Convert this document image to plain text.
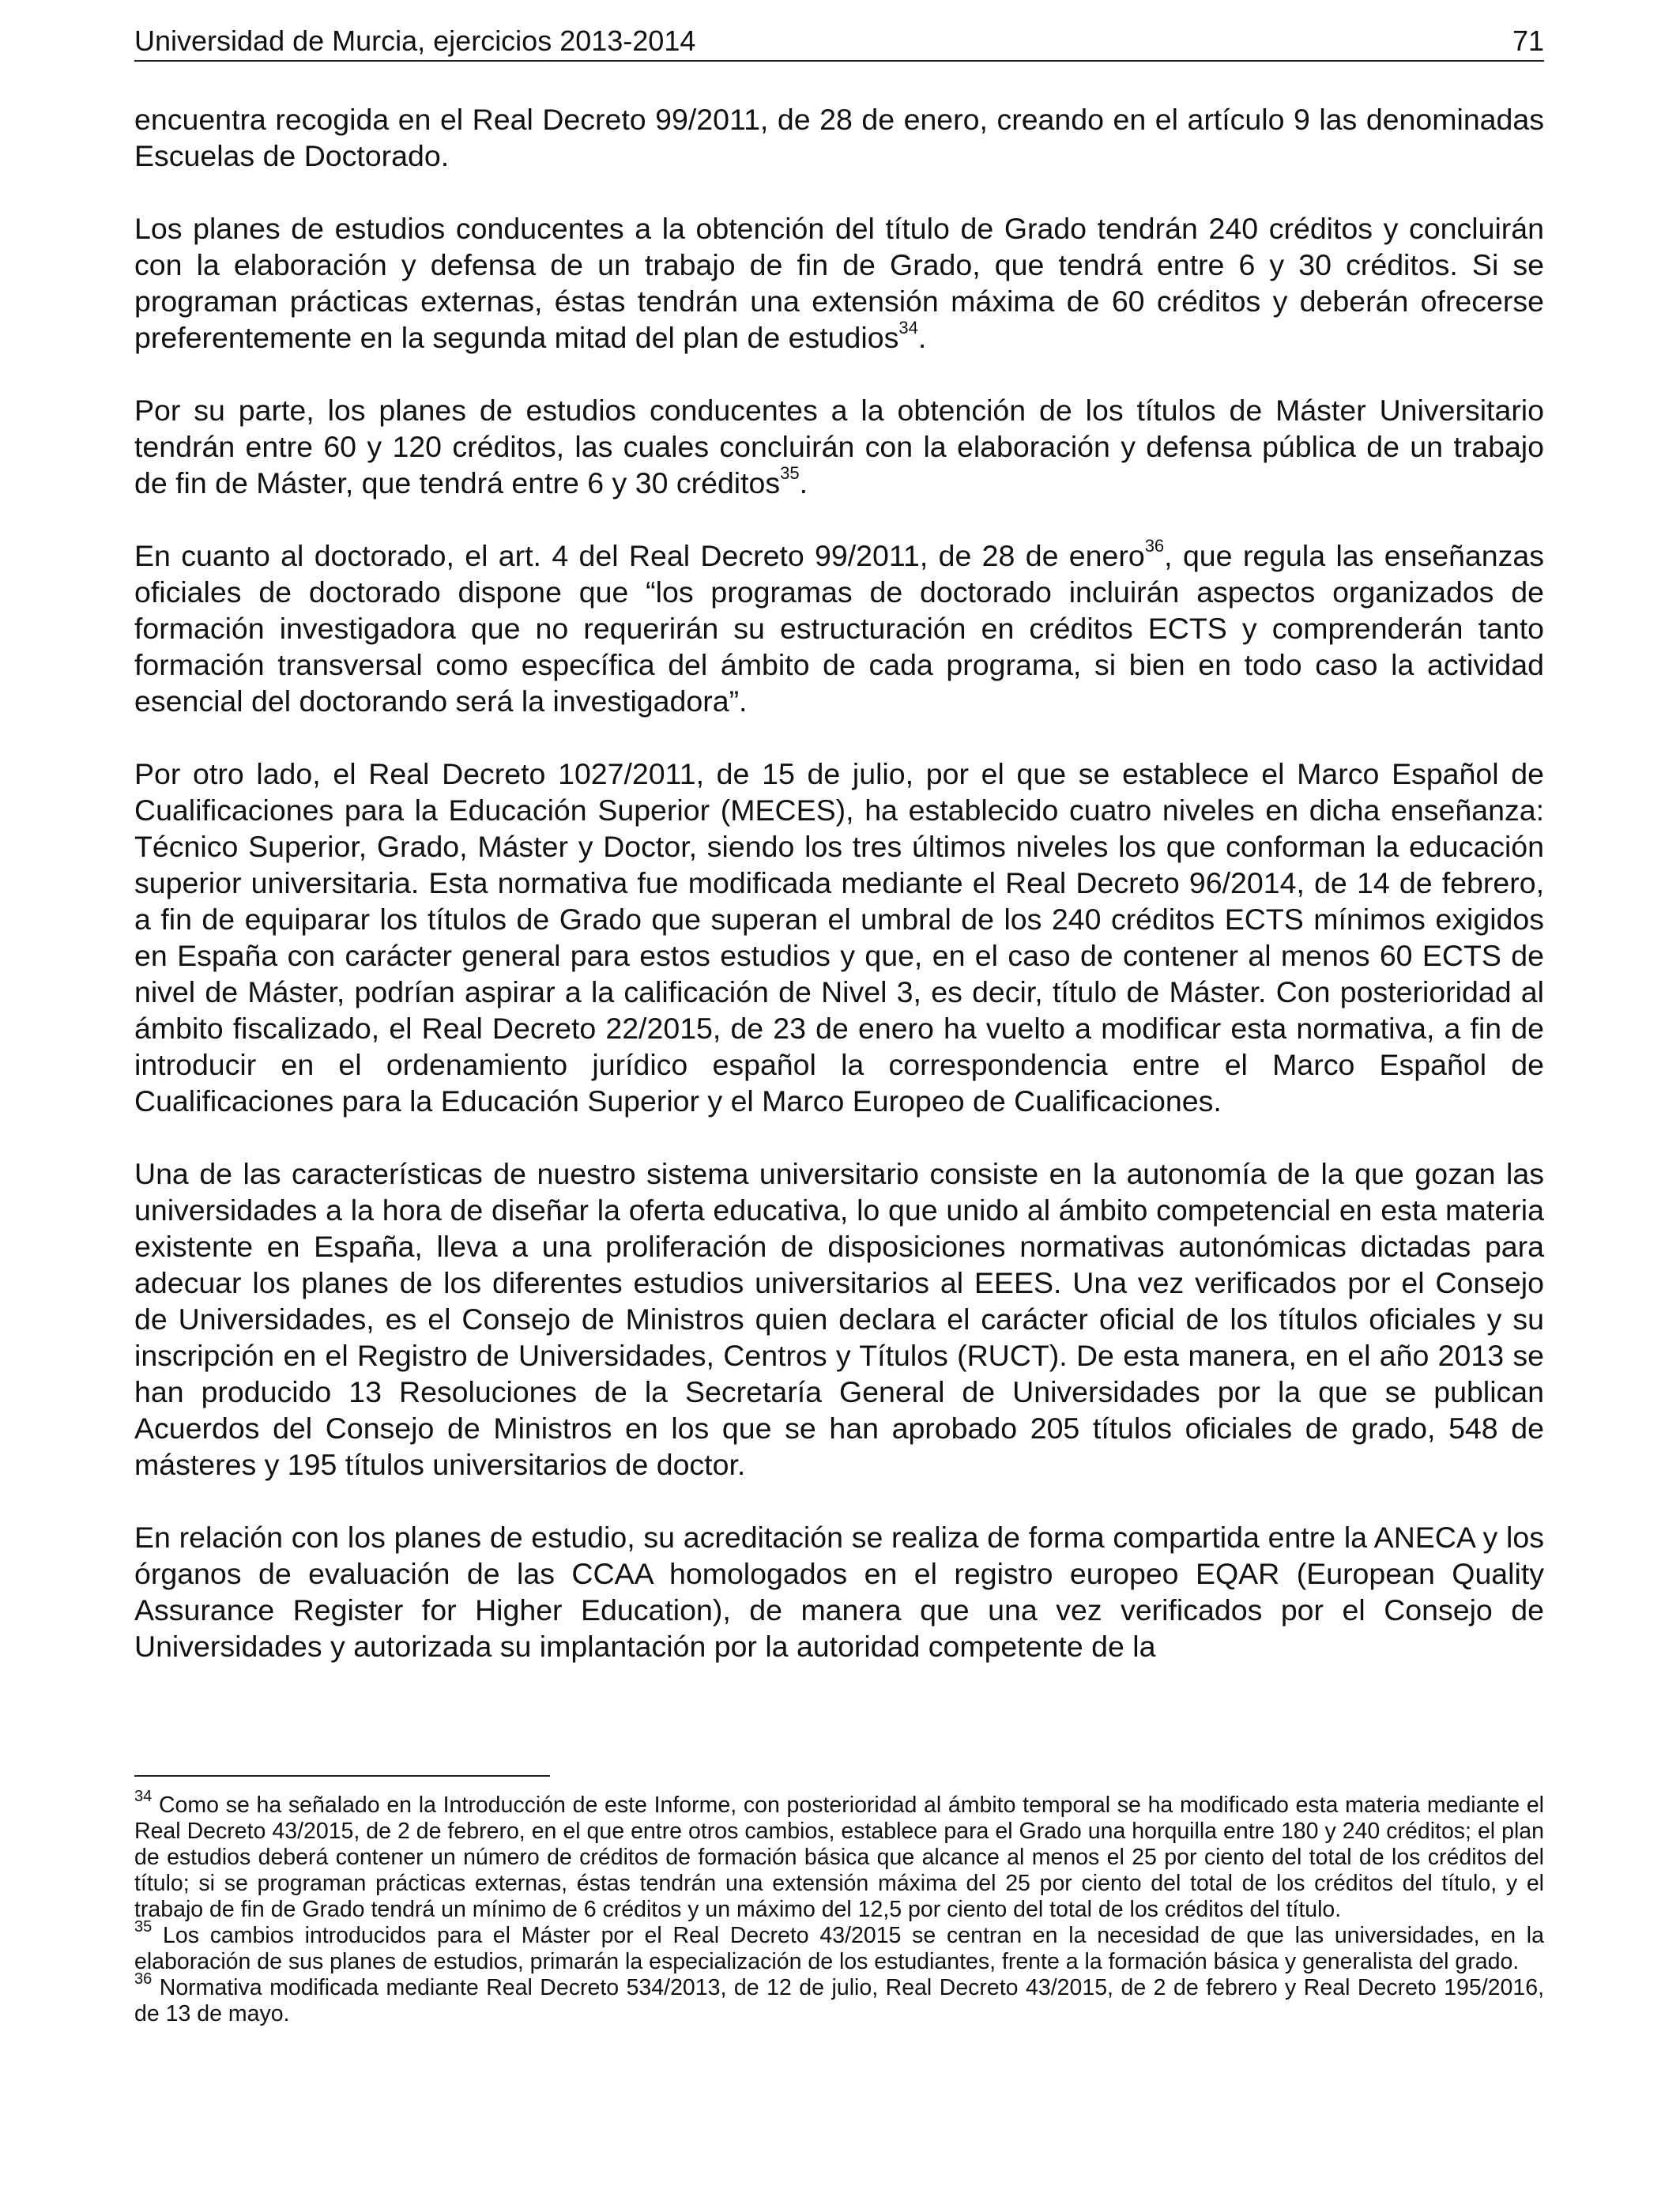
Universidad de Murcia, ejercicios 2013-2014	71

encuentra recogida en el Real Decreto 99/2011, de 28 de enero, creando en el artículo 9 las denominadas Escuelas de Doctorado.

Los planes de estudios conducentes a la obtención del título de Grado tendrán 240 créditos y concluirán con la elaboración y defensa de un trabajo de fin de Grado, que tendrá entre 6 y 30 créditos. Si se programan prácticas externas, éstas tendrán una extensión máxima de 60 créditos y deberán ofrecerse preferentemente en la segunda mitad del plan de estudios$^{34}$.

Por su parte, los planes de estudios conducentes a la obtención de los títulos de Máster Universitario tendrán entre 60 y 120 créditos, las cuales concluirán con la elaboración y defensa pública de un trabajo de fin de Máster, que tendrá entre 6 y 30 créditos$^{35}$.

En cuanto al doctorado, el art. 4 del Real Decreto 99/2011, de 28 de enero$^{36}$, que regula las enseñanzas oficiales de doctorado dispone que “los programas de doctorado incluirán aspectos organizados de formación investigadora que no requerirán su estructuración en créditos ECTS y comprenderán tanto formación transversal como específica del ámbito de cada programa, si bien en todo caso la actividad esencial del doctorando será la investigadora”.

Por otro lado, el Real Decreto 1027/2011, de 15 de julio, por el que se establece el Marco Español de Cualificaciones para la Educación Superior (MECES), ha establecido cuatro niveles en dicha enseñanza: Técnico Superior, Grado, Máster y Doctor, siendo los tres últimos niveles los que conforman la educación superior universitaria. Esta normativa fue modificada mediante el Real Decreto 96/2014, de 14 de febrero, a fin de equiparar los títulos de Grado que superan el umbral de los 240 créditos ECTS mínimos exigidos en España con carácter general para estos estudios y que, en el caso de contener al menos 60 ECTS de nivel de Máster, podrían aspirar a la calificación de Nivel 3, es decir, título de Máster. Con posterioridad al ámbito fiscalizado, el Real Decreto 22/2015, de 23 de enero ha vuelto a modificar esta normativa, a fin de introducir en el ordenamiento jurídico español la correspondencia entre el Marco Español de Cualificaciones para la Educación Superior y el Marco Europeo de Cualificaciones.

Una de las características de nuestro sistema universitario consiste en la autonomía de la que gozan las universidades a la hora de diseñar la oferta educativa, lo que unido al ámbito competencial en esta materia existente en España, lleva a una proliferación de disposiciones normativas autonómicas dictadas para adecuar los planes de los diferentes estudios universitarios al EEES. Una vez verificados por el Consejo de Universidades, es el Consejo de Ministros quien declara el carácter oficial de los títulos oficiales y su inscripción en el Registro de Universidades, Centros y Títulos (RUCT). De esta manera, en el año 2013 se han producido 13 Resoluciones de la Secretaría General de Universidades por la que se publican Acuerdos del Consejo de Ministros en los que se han aprobado 205 títulos oficiales de grado, 548 de másteres y 195 títulos universitarios de doctor.

En relación con los planes de estudio, su acreditación se realiza de forma compartida entre la ANECA y los órganos de evaluación de las CCAA homologados en el registro europeo EQAR (European Quality Assurance Register for Higher Education), de manera que una vez verificados por el Consejo de Universidades y autorizada su implantación por la autoridad competente de la

$^{34}$ Como se ha señalado en la Introducción de este Informe, con posterioridad al ámbito temporal se ha modificado esta materia mediante el Real Decreto 43/2015, de 2 de febrero, en el que entre otros cambios, establece para el Grado una horquilla entre 180 y 240 créditos; el plan de estudios deberá contener un número de créditos de formación básica que alcance al menos el 25 por ciento del total de los créditos del título; si se programan prácticas externas, éstas tendrán una extensión máxima del 25 por ciento del total de los créditos del título, y el trabajo de fin de Grado tendrá un mínimo de 6 créditos y un máximo del 12,5 por ciento del total de los créditos del título.

$^{35}$ Los cambios introducidos para el Máster por el Real Decreto 43/2015 se centran en la necesidad de que las universidades, en la elaboración de sus planes de estudios, primarán la especialización de los estudiantes, frente a la formación básica y generalista del grado.

$^{36}$ Normativa modificada mediante Real Decreto 534/2013, de 12 de julio, Real Decreto 43/2015, de 2 de febrero y Real Decreto 195/2016, de 13 de mayo.
